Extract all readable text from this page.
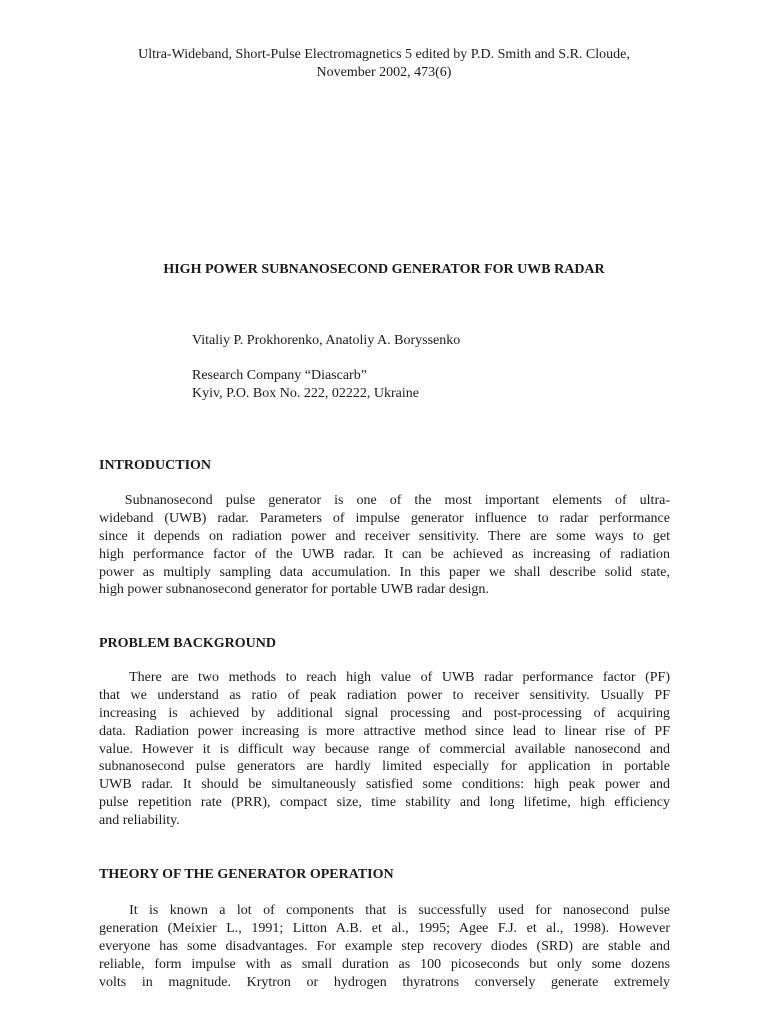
Ultra-Wideband, Short-Pulse Electromagnetics 5 edited by P.D. Smith and S.R. Cloude,
November 2002, 473(6)
HIGH POWER SUBNANOSECOND GENERATOR FOR UWB RADAR
Vitaliy P. Prokhorenko, Anatoliy A. Boryssenko
Research Company “Diascarb”
Kyiv, P.O. Box No. 222, 02222, Ukraine
INTRODUCTION
Subnanosecond pulse generator is one of the most important elements of ultra-
wideband (UWB) radar. Parameters of impulse generator influence to radar performance
since it depends on radiation power and receiver sensitivity. There are some ways to get
high performance factor of the UWB radar. It can be achieved as increasing of radiation
power as multiply sampling data accumulation. In this paper we shall describe solid state,
high power subnanosecond generator for portable UWB radar design.
PROBLEM BACKGROUND
There are two methods to reach high value of UWB radar performance factor (PF)
that we understand as ratio of peak radiation power to receiver sensitivity. Usually PF
increasing is achieved by additional signal processing and post-processing of acquiring
data. Radiation power increasing is more attractive method since lead to linear rise of PF
value. However it is difficult way because range of commercial available nanosecond and
subnanosecond pulse generators are hardly limited especially for application in portable
UWB radar. It should be simultaneously satisfied some conditions: high peak power and
pulse repetition rate (PRR), compact size, time stability and long lifetime, high efficiency
and reliability.
THEORY OF THE GENERATOR OPERATION
It is known a lot of components that is successfully used for nanosecond pulse
generation (Meixier L., 1991; Litton A.B. et al., 1995; Agee F.J. et al., 1998). However
everyone has some disadvantages. For example step recovery diodes (SRD) are stable and
reliable, form impulse with as small duration as 100 picoseconds but only some dozens
volts in magnitude. Krytron or hydrogen thyratrons conversely generate extremely
